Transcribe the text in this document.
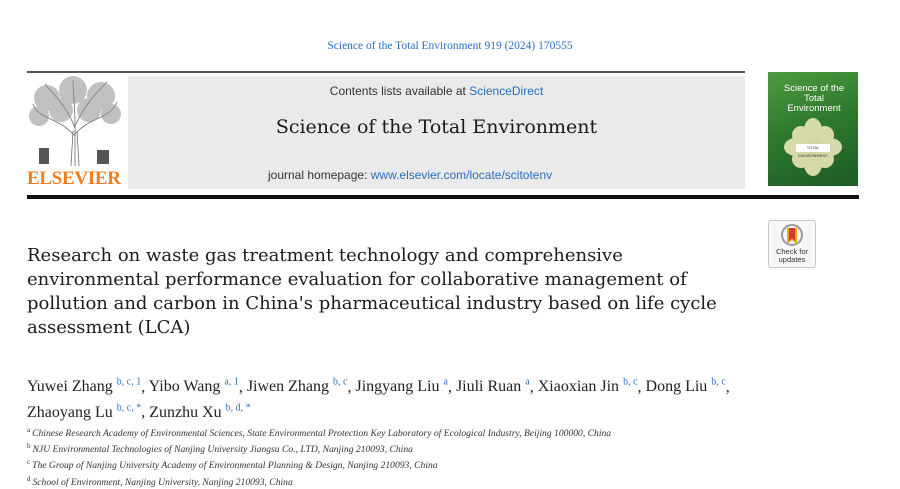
Science of the Total Environment 919 (2024) 170555
ELSEVIER
Contents lists available at ScienceDirect
Science of the Total Environment
journal homepage: www.elsevier.com/locate/scitotenv
Science of the
Total Environment
TOTAL ENVIRONMENT
Check for
updates
Research on waste gas treatment technology and comprehensive environmental performance evaluation for collaborative management of pollution and carbon in China's pharmaceutical industry based on life cycle assessment (LCA)
Yuwei Zhang $^{b, c, 1}$, Yibo Wang $^{a, 1}$, Jiwen Zhang $^{b, c}$, Jingyang Liu $^a$, Jiuli Ruan $^a$, Xiaoxian Jin $^{b, c}$, Dong Liu $^{b, c}$, Zhaoyang Lu $^{b, c, *}$, Zunzhu Xu $^{b, d, *}$
$^a$ Chinese Research Academy of Environmental Sciences, State Environmental Protection Key Laboratory of Ecological Industry, Beijing 100000, China
$^b$ NJU Environmental Technologies of Nanjing University Jiangsu Co., LTD, Nanjing 210093, China
$^c$ The Group of Nanjing University Academy of Environmental Planning & Design, Nanjing 210093, China
$^d$ School of Environment, Nanjing University, Nanjing 210093, China
